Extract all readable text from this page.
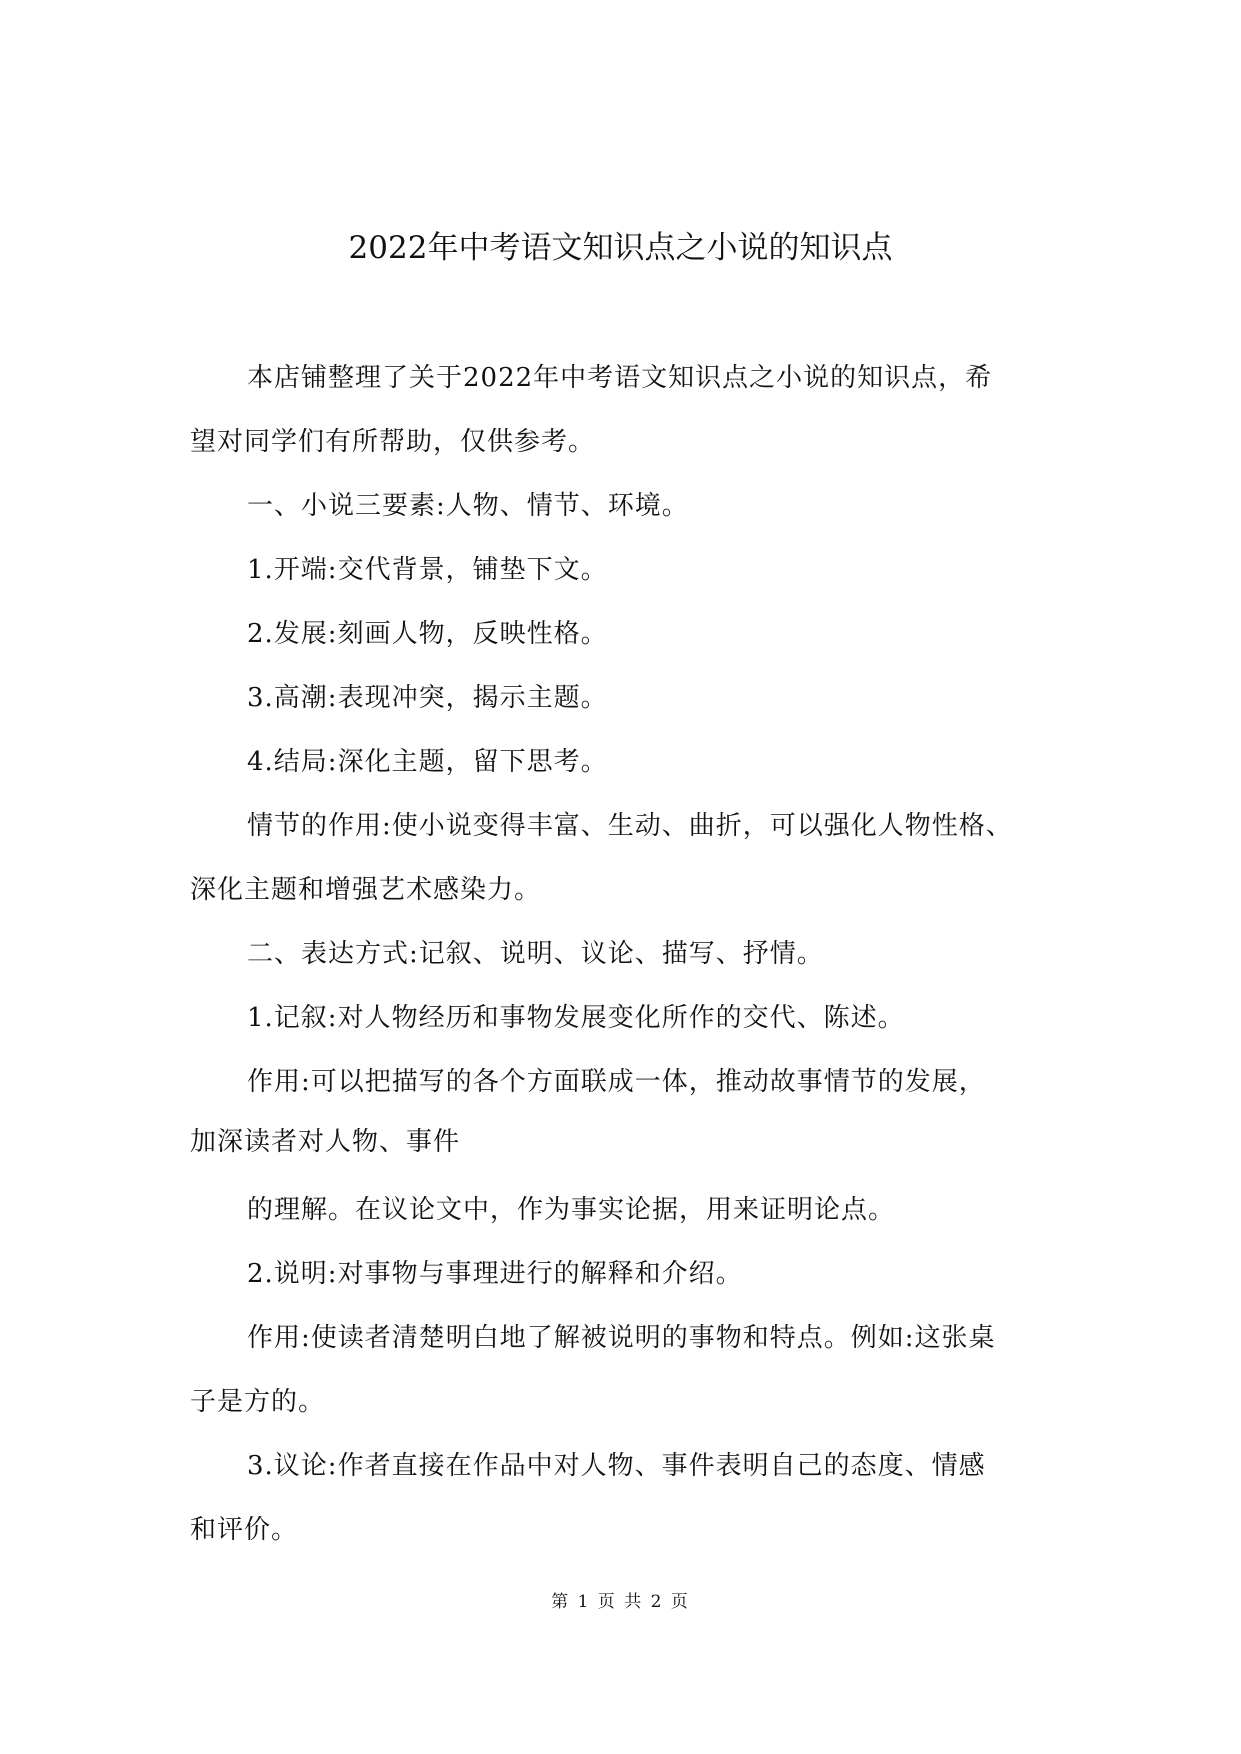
2022年中考语文知识点之小说的知识点

本店铺整理了关于2022年中考语文知识点之小说的知识点，希

望对同学们有所帮助，仅供参考。

一、小说三要素:人物、情节、环境。

1.开端:交代背景，铺垫下文。

2.发展:刻画人物，反映性格。

3.高潮:表现冲突，揭示主题。

4.结局:深化主题，留下思考。

情节的作用:使小说变得丰富、生动、曲折，可以强化人物性格、

深化主题和增强艺术感染力。

二、表达方式:记叙、说明、议论、描写、抒情。

1.记叙:对人物经历和事物发展变化所作的交代、陈述。

作用:可以把描写的各个方面联成一体，推动故事情节的发展，

加深读者对人物、事件

的理解。在议论文中，作为事实论据，用来证明论点。

2.说明:对事物与事理进行的解释和介绍。

作用:使读者清楚明白地了解被说明的事物和特点。例如:这张桌

子是方的。

3.议论:作者直接在作品中对人物、事件表明自己的态度、情感

和评价。

第 1 页 共 2 页
